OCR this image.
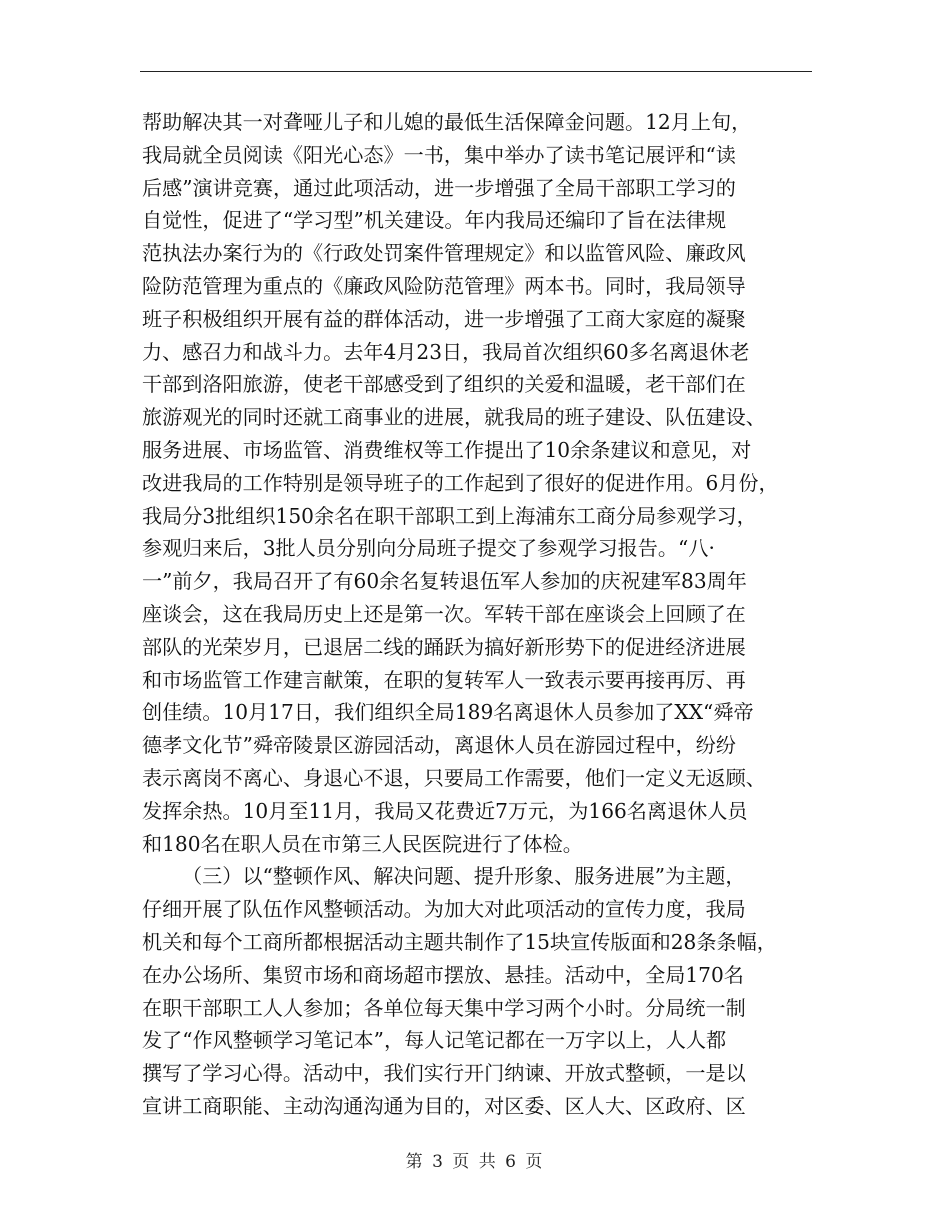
帮助解决其一对聋哑儿子和儿媳的最低生活保障金问题。12月上旬，
我局就全员阅读《阳光心态》一书，集中举办了读书笔记展评和“读
后感”演讲竞赛，通过此项活动，进一步增强了全局干部职工学习的
自觉性，促进了“学习型”机关建设。年内我局还编印了旨在法律规
范执法办案行为的《行政处罚案件管理规定》和以监管风险、廉政风
险防范管理为重点的《廉政风险防范管理》两本书。同时，我局领导
班子积极组织开展有益的群体活动，进一步增强了工商大家庭的凝聚
力、感召力和战斗力。去年4月23日，我局首次组织60多名离退休老
干部到洛阳旅游，使老干部感受到了组织的关爱和温暖，老干部们在
旅游观光的同时还就工商事业的进展，就我局的班子建设、队伍建设、
服务进展、市场监管、消费维权等工作提出了10余条建议和意见，对
改进我局的工作特别是领导班子的工作起到了很好的促进作用。6月份，
我局分3批组织150余名在职干部职工到上海浦东工商分局参观学习，
参观归来后，3批人员分别向分局班子提交了参观学习报告。“八·
一”前夕，我局召开了有60余名复转退伍军人参加的庆祝建军83周年
座谈会，这在我局历史上还是第一次。军转干部在座谈会上回顾了在
部队的光荣岁月，已退居二线的踊跃为搞好新形势下的促进经济进展
和市场监管工作建言献策，在职的复转军人一致表示要再接再厉、再
创佳绩。10月17日，我们组织全局189名离退休人员参加了XX“舜帝
德孝文化节”舜帝陵景区游园活动，离退休人员在游园过程中，纷纷
表示离岗不离心、身退心不退，只要局工作需要，他们一定义无返顾、
发挥余热。10月至11月，我局又花费近7万元，为166名离退休人员
和180名在职人员在市第三人民医院进行了体检。
（三）以“整顿作风、解决问题、提升形象、服务进展”为主题，
仔细开展了队伍作风整顿活动。为加大对此项活动的宣传力度，我局
机关和每个工商所都根据活动主题共制作了15块宣传版面和28条条幅，
在办公场所、集贸市场和商场超市摆放、悬挂。活动中，全局170名
在职干部职工人人参加；各单位每天集中学习两个小时。分局统一制
发了“作风整顿学习笔记本”，每人记笔记都在一万字以上，人人都
撰写了学习心得。活动中，我们实行开门纳谏、开放式整顿，一是以
宣讲工商职能、主动沟通沟通为目的，对区委、区人大、区政府、区
第 3 页 共 6 页
